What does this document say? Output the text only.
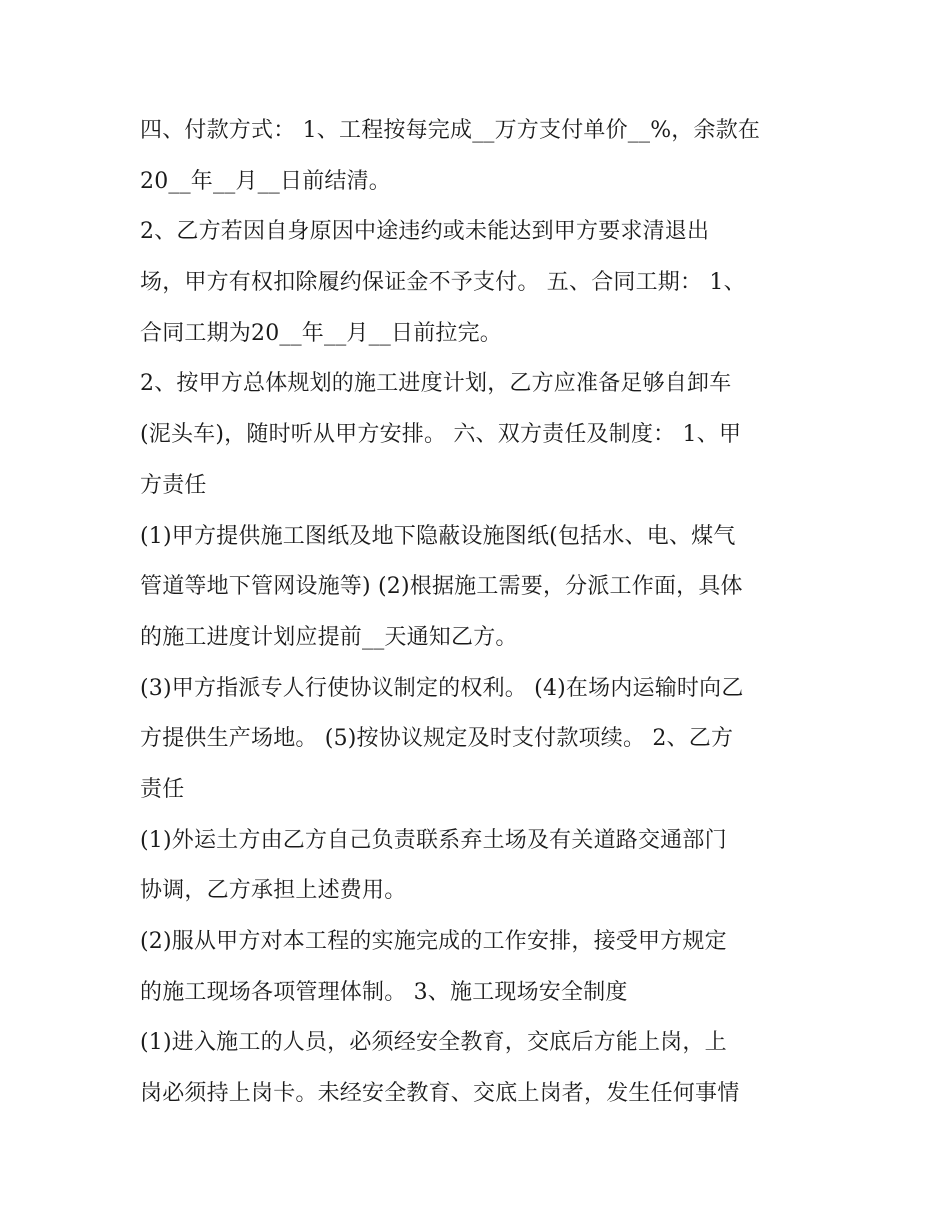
四、付款方式： 1、工程按每完成__万方支付单价__%，余款在
20__年__月__日前结清。
2、乙方若因自身原因中途违约或未能达到甲方要求清退出
场，甲方有权扣除履约保证金不予支付。 五、合同工期： 1、
合同工期为20__年__月__日前拉完。
2、按甲方总体规划的施工进度计划，乙方应准备足够自卸车
(泥头车)，随时听从甲方安排。 六、双方责任及制度： 1、甲
方责任
(1)甲方提供施工图纸及地下隐蔽设施图纸(包括水、电、煤气
管道等地下管网设施等) (2)根据施工需要，分派工作面，具体
的施工进度计划应提前__天通知乙方。
(3)甲方指派专人行使协议制定的权利。 (4)在场内运输时向乙
方提供生产场地。 (5)按协议规定及时支付款项续。 2、乙方
责任
(1)外运土方由乙方自己负责联系弃土场及有关道路交通部门
协调，乙方承担上述费用。
(2)服从甲方对本工程的实施完成的工作安排，接受甲方规定
的施工现场各项管理体制。 3、施工现场安全制度
(1)进入施工的人员，必须经安全教育，交底后方能上岗，上
岗必须持上岗卡。未经安全教育、交底上岗者，发生任何事情
